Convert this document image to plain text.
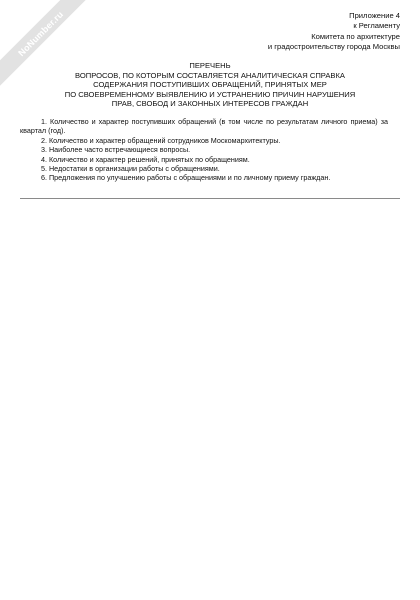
NoNumber.ru	Приложение 4
к Регламенту
Комитета по архитектуре
и градостроительству города Москвы
ПЕРЕЧЕНЬ
ВОПРОСОВ, ПО КОТОРЫМ СОСТАВЛЯЕТСЯ АНАЛИТИЧЕСКАЯ СПРАВКА
СОДЕРЖАНИЯ ПОСТУПИВШИХ ОБРАЩЕНИЙ, ПРИНЯТЫХ МЕР
ПО СВОЕВРЕМЕННОМУ ВЫЯВЛЕНИЮ И УСТРАНЕНИЮ ПРИЧИН НАРУШЕНИЯ
ПРАВ, СВОБОД И ЗАКОННЫХ ИНТЕРЕСОВ ГРАЖДАН

1. Количество и характер поступивших обращений (в том числе по результатам личного приема) за квартал (год).

2. Количество и характер обращений сотрудников Москомархитектуры.

3. Наиболее часто встречающиеся вопросы.

4. Количество и характер решений, принятых по обращениям.

5. Недостатки в организации работы с обращениями.

6. Предложения по улучшению работы с обращениями и по личному приему граждан.
